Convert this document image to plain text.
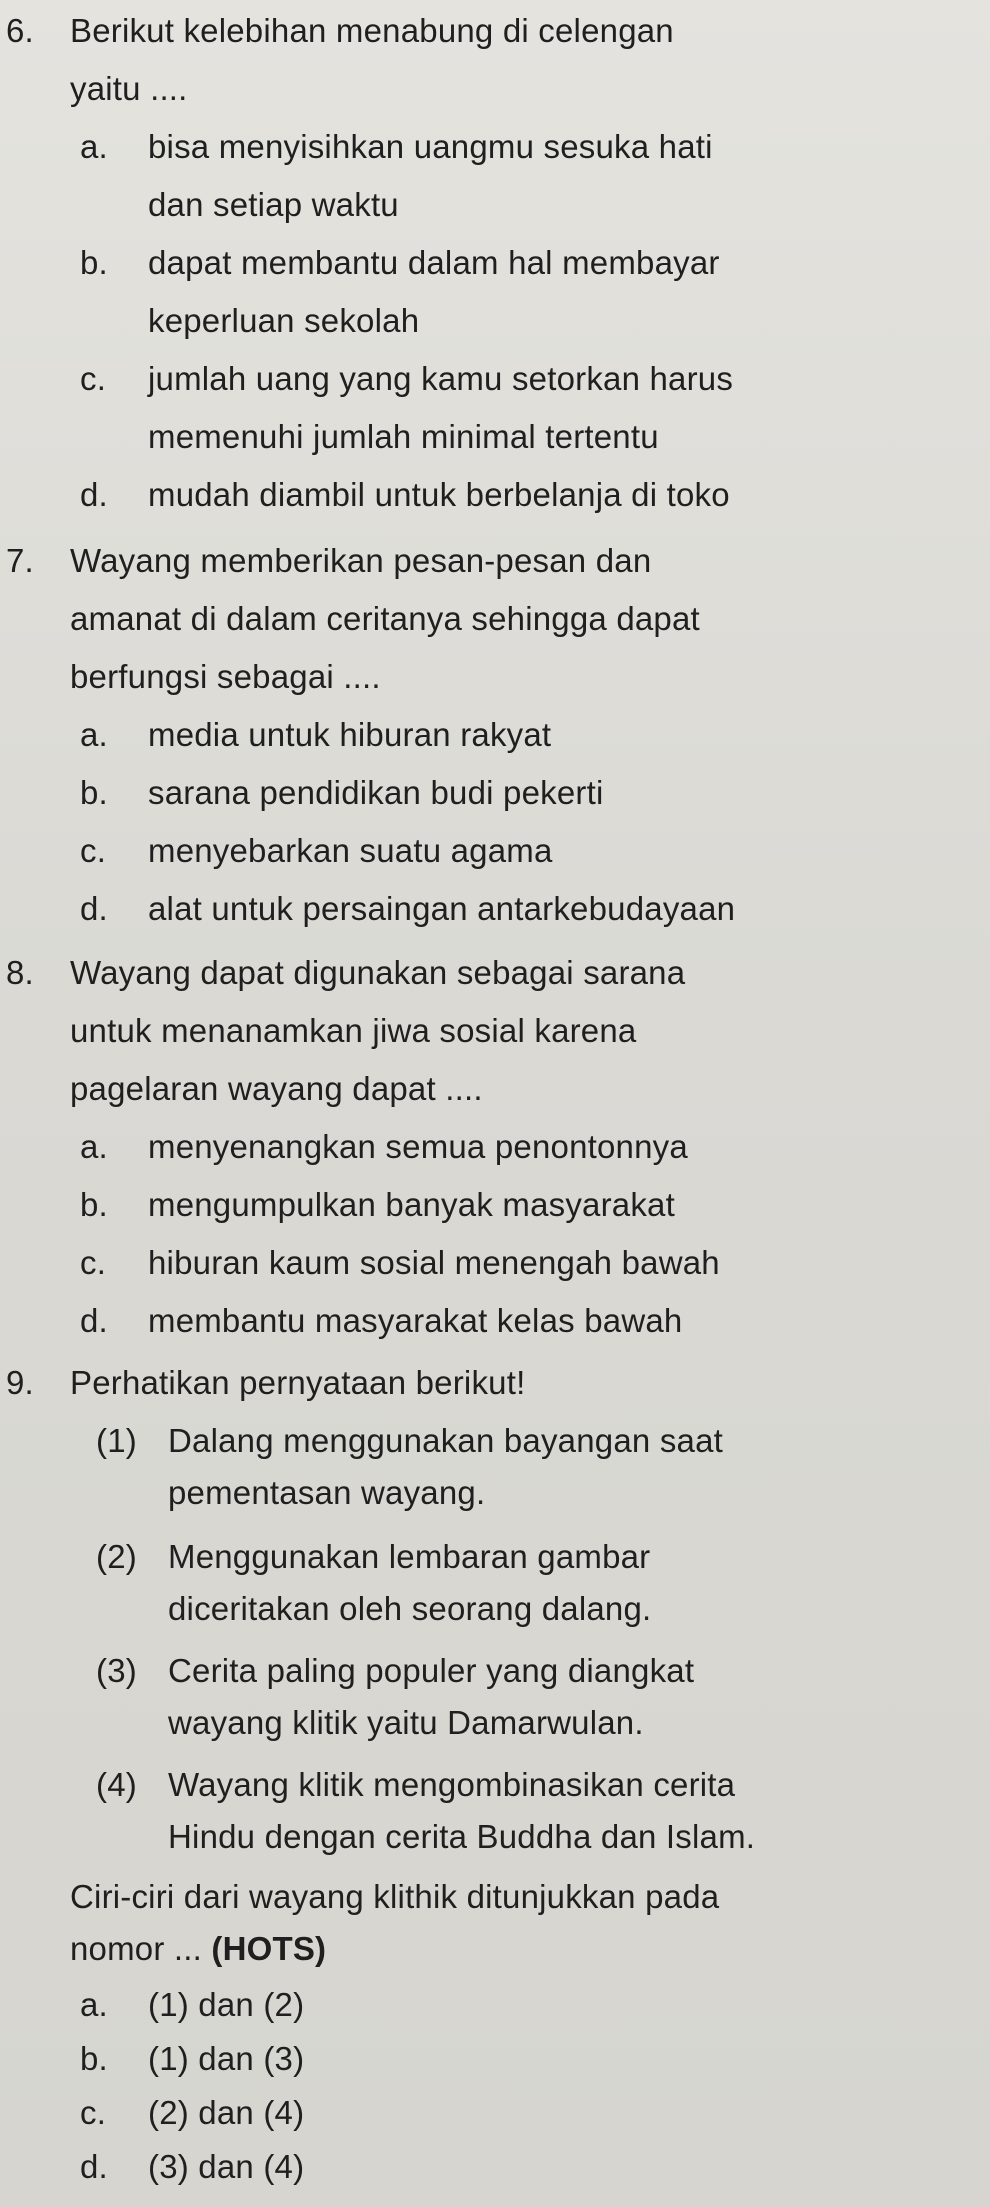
6. Berikut kelebihan menabung di celengan
yaitu ....
a. bisa menyisihkan uangmu sesuka hati
dan setiap waktu
b. dapat membantu dalam hal membayar
keperluan sekolah
c. jumlah uang yang kamu setorkan harus
memenuhi jumlah minimal tertentu
d. mudah diambil untuk berbelanja di toko
7. Wayang memberikan pesan-pesan dan
amanat di dalam ceritanya sehingga dapat
berfungsi sebagai ....
a. media untuk hiburan rakyat
b. sarana pendidikan budi pekerti
c. menyebarkan suatu agama
d. alat untuk persaingan antarkebudayaan
8. Wayang dapat digunakan sebagai sarana
untuk menanamkan jiwa sosial karena
pagelaran wayang dapat ....
a. menyenangkan semua penontonnya
b. mengumpulkan banyak masyarakat
c. hiburan kaum sosial menengah bawah
d. membantu masyarakat kelas bawah
9. Perhatikan pernyataan berikut!
(1) Dalang menggunakan bayangan saat
pementasan wayang.
(2) Menggunakan lembaran gambar
diceritakan oleh seorang dalang.
(3) Cerita paling populer yang diangkat
wayang klitik yaitu Damarwulan.
(4) Wayang klitik mengombinasikan cerita
Hindu dengan cerita Buddha dan Islam.
Ciri-ciri dari wayang klithik ditunjukkan pada
nomor ... (HOTS)
a. (1) dan (2)
b. (1) dan (3)
c. (2) dan (4)
d. (3) dan (4)
